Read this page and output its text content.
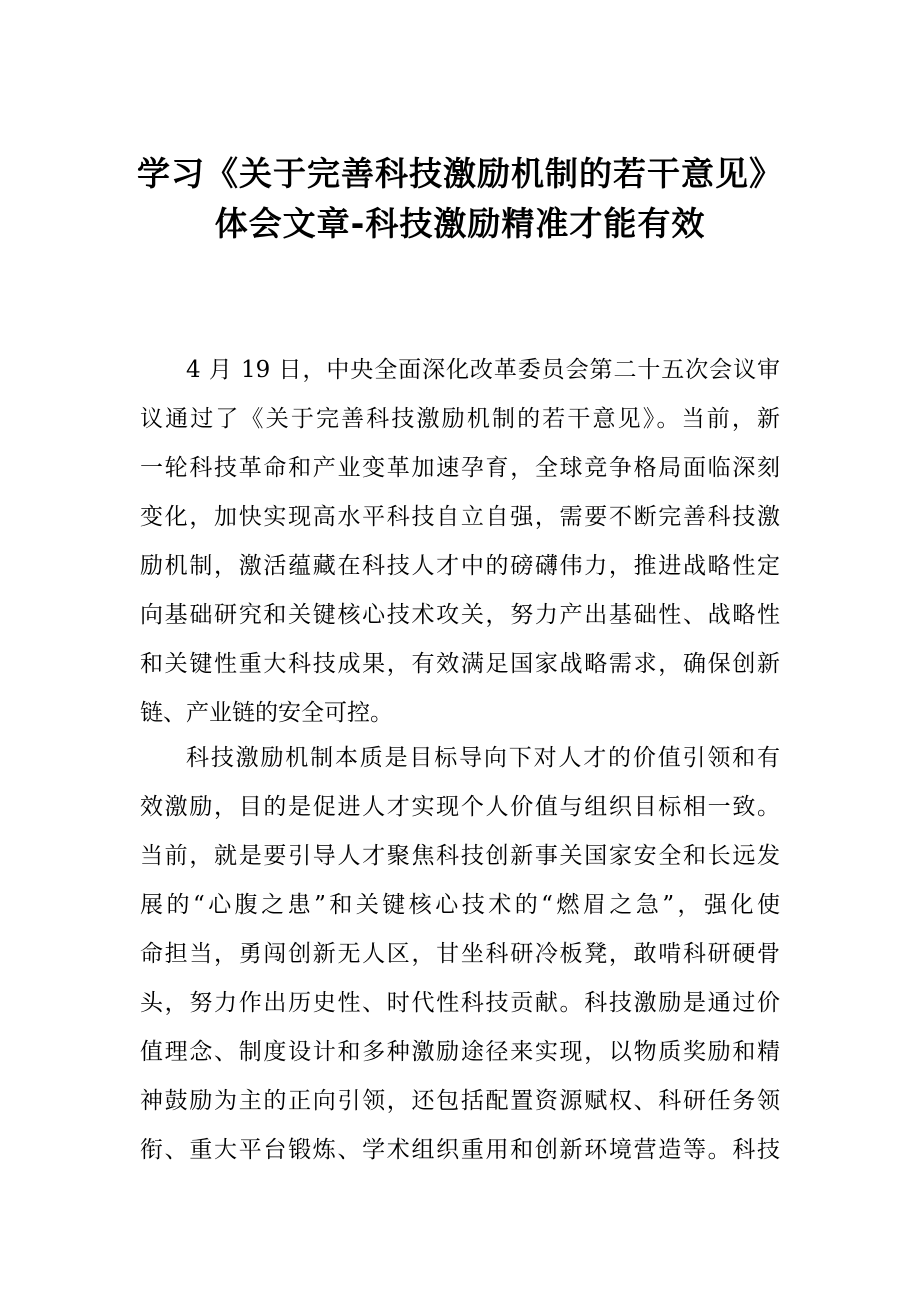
学习《关于完善科技激励机制的若干意见》
体会文章-科技激励精准才能有效
4 月 19 日，中央全面深化改革委员会第二十五次会议审
议通过了《关于完善科技激励机制的若干意见》。当前，新
一轮科技革命和产业变革加速孕育，全球竞争格局面临深刻
变化，加快实现高水平科技自立自强，需要不断完善科技激
励机制，激活蕴藏在科技人才中的磅礴伟力，推进战略性定
向基础研究和关键核心技术攻关，努力产出基础性、战略性
和关键性重大科技成果，有效满足国家战略需求，确保创新
链、产业链的安全可控。
科技激励机制本质是目标导向下对人才的价值引领和有
效激励，目的是促进人才实现个人价值与组织目标相一致。
当前，就是要引导人才聚焦科技创新事关国家安全和长远发
展的“心腹之患”和关键核心技术的“燃眉之急”，强化使
命担当，勇闯创新无人区，甘坐科研冷板凳，敢啃科研硬骨
头，努力作出历史性、时代性科技贡献。科技激励是通过价
值理念、制度设计和多种激励途径来实现，以物质奖励和精
神鼓励为主的正向引领，还包括配置资源赋权、科研任务领
衔、重大平台锻炼、学术组织重用和创新环境营造等。科技
